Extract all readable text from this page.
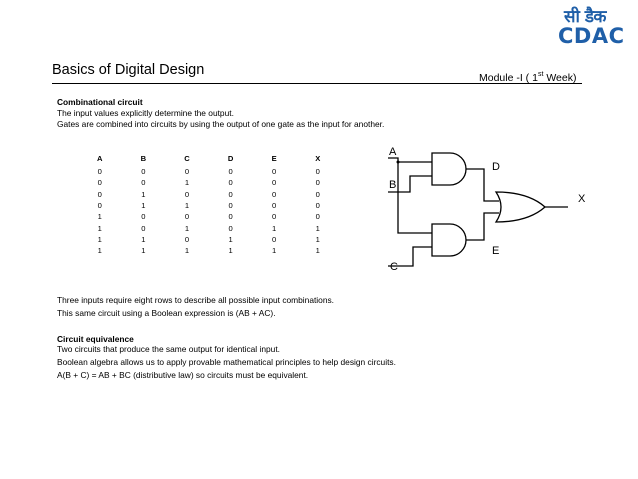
सी डैक
CDAC
Basics of Digital Design	Module -I ( 1st Week)
Combinational circuit
The input values explicitly determine the output.
Gates are combined into circuits by using the output of one gate as the input for another.
A	B	C	D	E	X
0	0	0	0	0	0
0	0	1	0	0	0
0	1	0	0	0	0
0	1	1	0	0	0
1	0	0	0	0	0
1	0	1	0	1	1
1	1	0	1	0	1
1	1	1	1	1	1
A
B
C
D
E
X
Three inputs require eight rows to describe all possible input combinations.
This same circuit using a Boolean expression is (AB + AC).
Circuit equivalence
Two circuits that produce the same output for identical input.
Boolean algebra allows us to apply provable mathematical principles to help design circuits.
A(B + C) = AB + BC (distributive law) so circuits must be equivalent.
